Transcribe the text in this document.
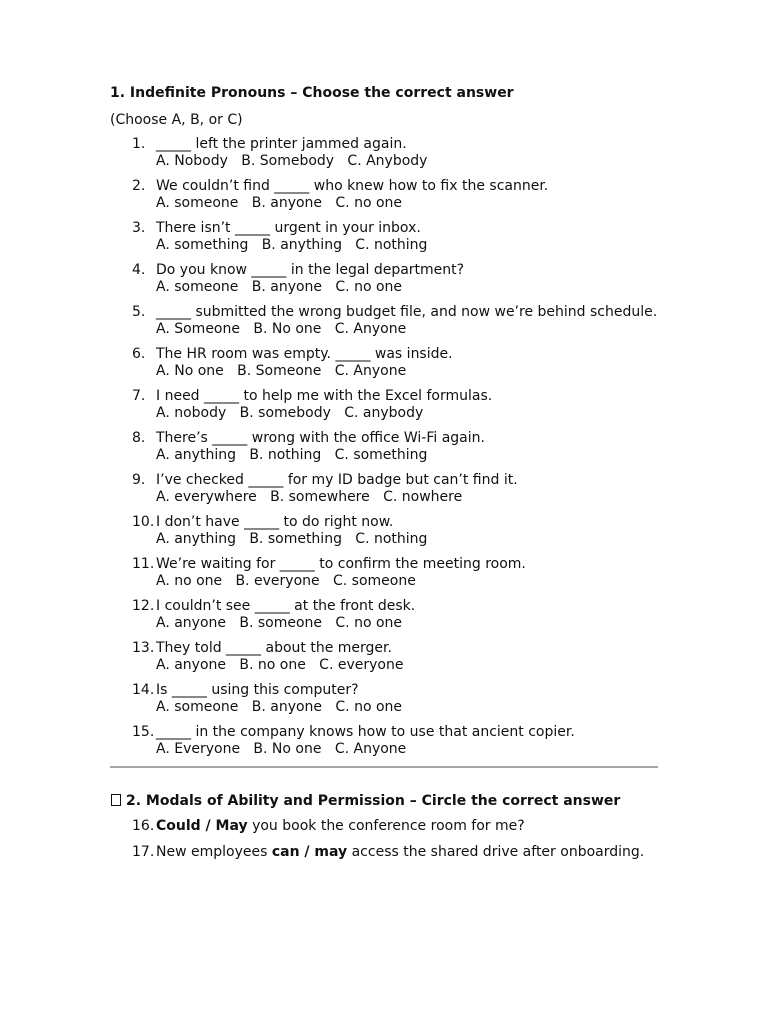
1. Indefinite Pronouns – Choose the correct answer
(Choose A, B, or C)
1. _____ left the printer jammed again.
A. Nobody   B. Somebody   C. Anybody
2. We couldn’t find _____ who knew how to fix the scanner.
A. someone   B. anyone   C. no one
3. There isn’t _____ urgent in your inbox.
A. something   B. anything   C. nothing
4. Do you know _____ in the legal department?
A. someone   B. anyone   C. no one
5. _____ submitted the wrong budget file, and now we’re behind schedule.
A. Someone   B. No one   C. Anyone
6. The HR room was empty. _____ was inside.
A. No one   B. Someone   C. Anyone
7. I need _____ to help me with the Excel formulas.
A. nobody   B. somebody   C. anybody
8. There’s _____ wrong with the office Wi-Fi again.
A. anything   B. nothing   C. something
9. I’ve checked _____ for my ID badge but can’t find it.
A. everywhere   B. somewhere   C. nowhere
10. I don’t have _____ to do right now.
A. anything   B. something   C. nothing
11. We’re waiting for _____ to confirm the meeting room.
A. no one   B. everyone   C. someone
12. I couldn’t see _____ at the front desk.
A. anyone   B. someone   C. no one
13. They told _____ about the merger.
A. anyone   B. no one   C. everyone
14. Is _____ using this computer?
A. someone   B. anyone   C. no one
15. _____ in the company knows how to use that ancient copier.
A. Everyone   B. No one   C. Anyone
2. Modals of Ability and Permission – Circle the correct answer
16. Could / May you book the conference room for me?
17. New employees can / may access the shared drive after onboarding.
